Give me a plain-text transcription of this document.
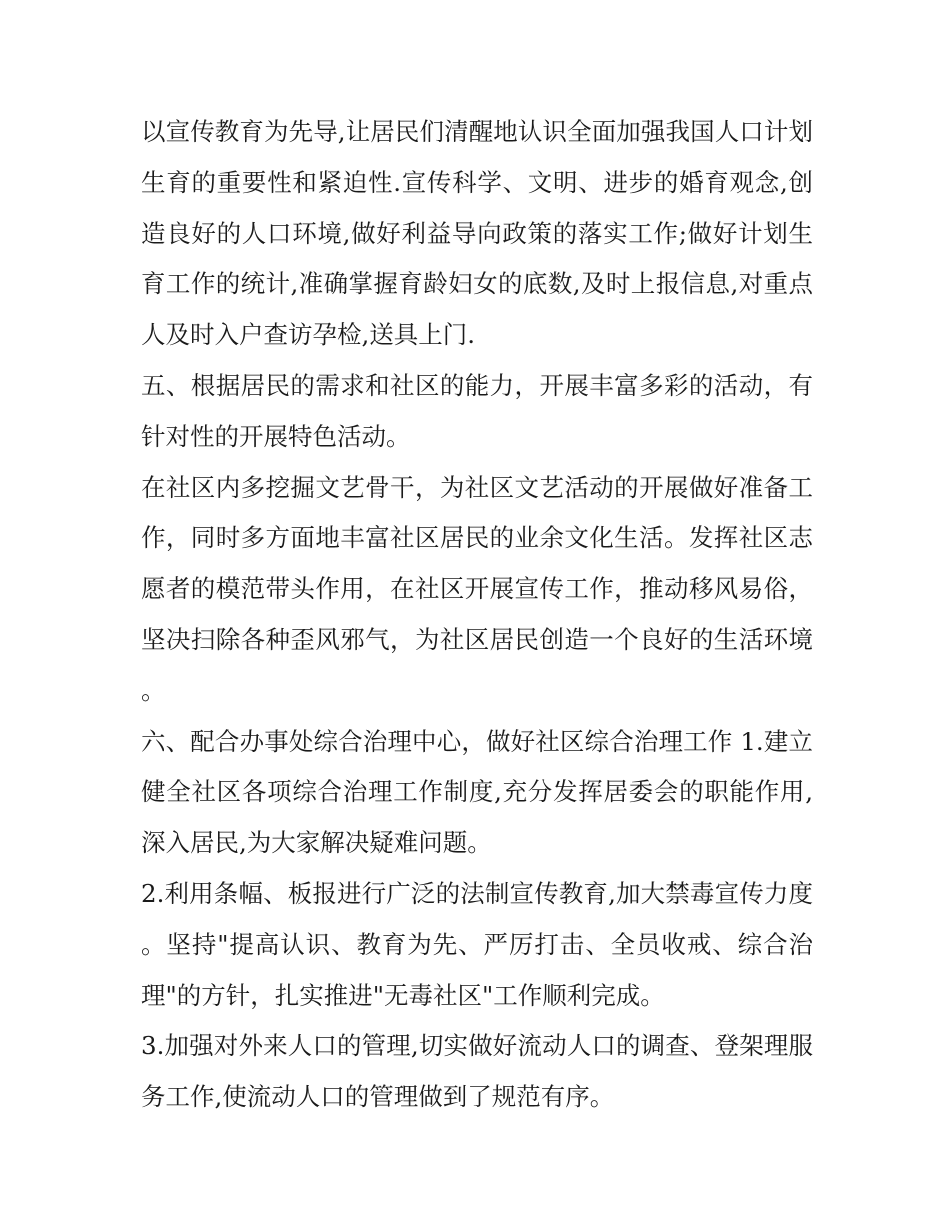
以宣传教育为先导,让居民们清醒地认识全面加强我国人口计划生育的重要性和紧迫性.宣传科学、文明、进步的婚育观念,创造良好的人口环境,做好利益导向政策的落实工作;做好计划生育工作的统计,准确掌握育龄妇女的底数,及时上报信息,对重点人及时入户查访孕检,送具上门.

五、根据居民的需求和社区的能力，开展丰富多彩的活动，有针对性的开展特色活动。

在社区内多挖掘文艺骨干，为社区文艺活动的开展做好准备工作，同时多方面地丰富社区居民的业余文化生活。发挥社区志愿者的模范带头作用，在社区开展宣传工作，推动移风易俗，坚决扫除各种歪风邪气，为社区居民创造一个良好的生活环境。

六、配合办事处综合治理中心，做好社区综合治理工作 1.建立健全社区各项综合治理工作制度,充分发挥居委会的职能作用,深入居民,为大家解决疑难问题。

2.利用条幅、板报进行广泛的法制宣传教育,加大禁毒宣传力度。坚持"提高认识、教育为先、严厉打击、全员收戒、综合治理"的方针，扎实推进"无毒社区"工作顺利完成。

3.加强对外来人口的管理,切实做好流动人口的调查、登架理服务工作,使流动人口的管理做到了规范有序。
